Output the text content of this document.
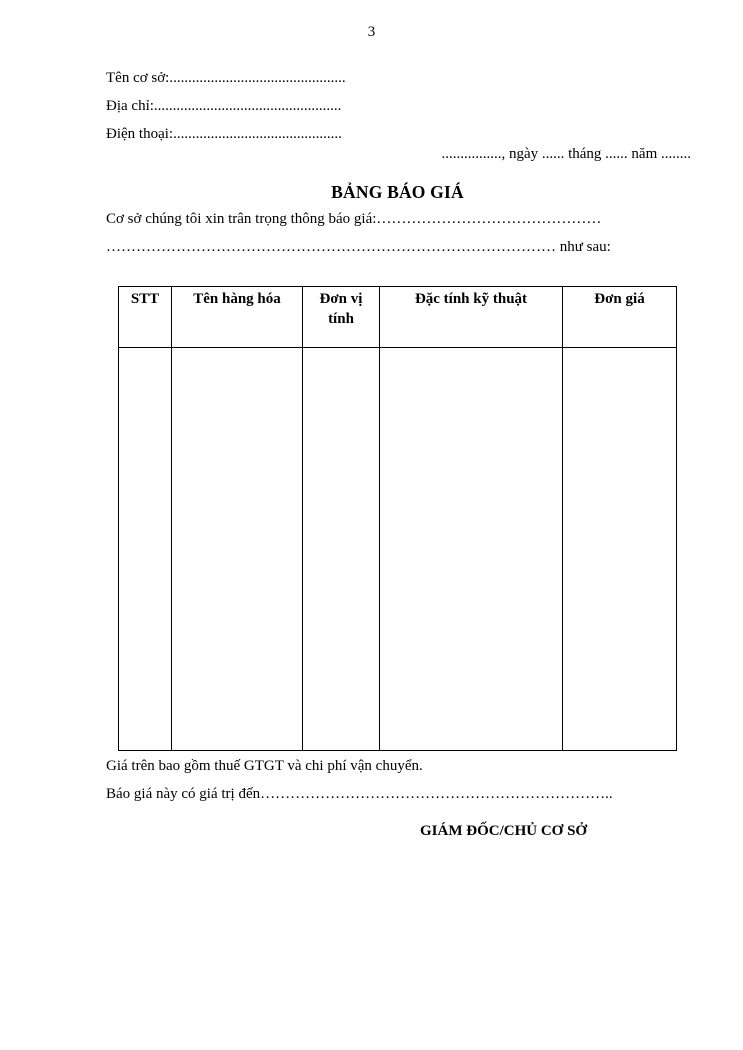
3
Tên cơ sở:...............................................
Địa chỉ:..................................................
Điện thoại:.............................................
................, ngày ...... tháng ...... năm ........
BẢNG BÁO GIÁ
Cơ sở chúng tôi xin trân trọng thông báo giá:………………………………………
……………………………………………………………………………… như sau:
STT	Tên hàng hóa	Đơn vị tính	Đặc tính kỹ thuật	Đơn giá

Giá trên bao gồm thuế GTGT và chi phí vận chuyển.
Báo giá này có giá trị đến……………………………………………………………..
GIÁM ĐỐC/CHỦ CƠ SỞ
